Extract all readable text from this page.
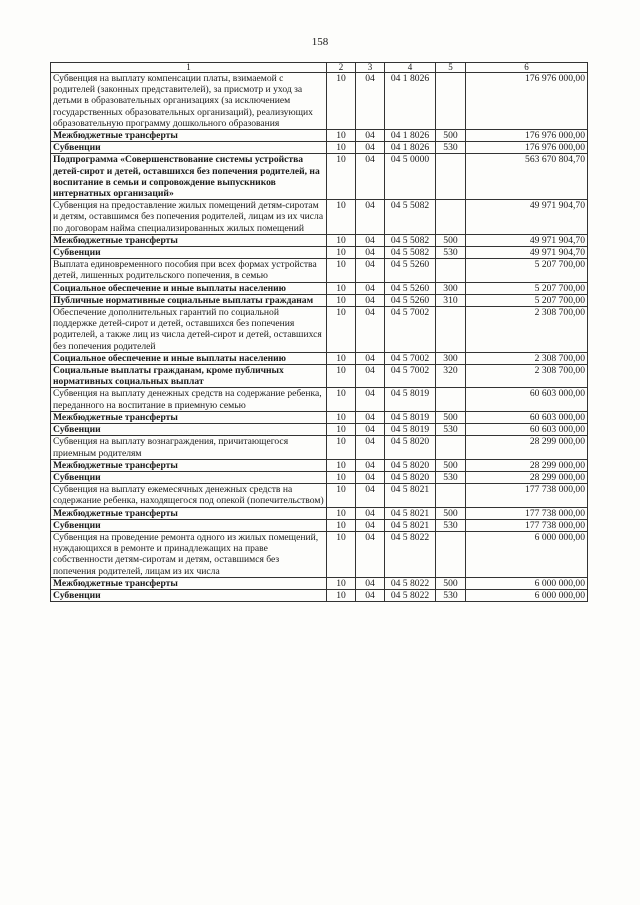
158
1	2	3	4	5	6
Субвенция на выплату компенсации платы, взимаемой с родителей (законных представителей), за присмотр и уход за детьми в образовательных организациях (за исключением государственных образовательных организаций), реализующих образовательную программу дошкольного образования	10	04	04 1 8026		176 976 000,00
Межбюджетные трансферты	10	04	04 1 8026	500	176 976 000,00
Субвенции	10	04	04 1 8026	530	176 976 000,00
Подпрограмма «Совершенствование системы устройства детей-сирот и детей, оставшихся без попечения родителей, на воспитание в семьи и сопровождение выпускников интернатных организаций»	10	04	04 5 0000		563 670 804,70
Субвенция на предоставление жилых помещений детям-сиротам и детям, оставшимся без попечения родителей, лицам из их числа по договорам найма специализированных жилых помещений	10	04	04 5 5082		49 971 904,70
Межбюджетные трансферты	10	04	04 5 5082	500	49 971 904,70
Субвенции	10	04	04 5 5082	530	49 971 904,70
Выплата единовременного пособия при всех формах устройства детей, лишенных родительского попечения, в семью	10	04	04 5 5260		5 207 700,00
Социальное обеспечение и иные выплаты населению	10	04	04 5 5260	300	5 207 700,00
Публичные нормативные социальные выплаты гражданам	10	04	04 5 5260	310	5 207 700,00
Обеспечение дополнительных гарантий по социальной поддержке детей-сирот и детей, оставшихся без попечения родителей, а также лиц из числа детей-сирот и детей, оставшихся без попечения родителей	10	04	04 5 7002		2 308 700,00
Социальное обеспечение и иные выплаты населению	10	04	04 5 7002	300	2 308 700,00
Социальные выплаты гражданам, кроме публичных нормативных социальных выплат	10	04	04 5 7002	320	2 308 700,00
Субвенция на выплату денежных средств на содержание ребенка, переданного на воспитание в приемную семью	10	04	04 5 8019		60 603 000,00
Межбюджетные трансферты	10	04	04 5 8019	500	60 603 000,00
Субвенции	10	04	04 5 8019	530	60 603 000,00
Субвенция на выплату вознаграждения, причитающегося приемным родителям	10	04	04 5 8020		28 299 000,00
Межбюджетные трансферты	10	04	04 5 8020	500	28 299 000,00
Субвенции	10	04	04 5 8020	530	28 299 000,00
Субвенция на выплату ежемесячных денежных средств на содержание ребенка, находящегося под опекой (попечительством)	10	04	04 5 8021		177 738 000,00
Межбюджетные трансферты	10	04	04 5 8021	500	177 738 000,00
Субвенции	10	04	04 5 8021	530	177 738 000,00
Субвенция на проведение ремонта одного из жилых помещений, нуждающихся в ремонте и принадлежащих на праве собственности детям-сиротам и детям, оставшимся без попечения родителей, лицам из их числа	10	04	04 5 8022		6 000 000,00
Межбюджетные трансферты	10	04	04 5 8022	500	6 000 000,00
Субвенции	10	04	04 5 8022	530	6 000 000,00
